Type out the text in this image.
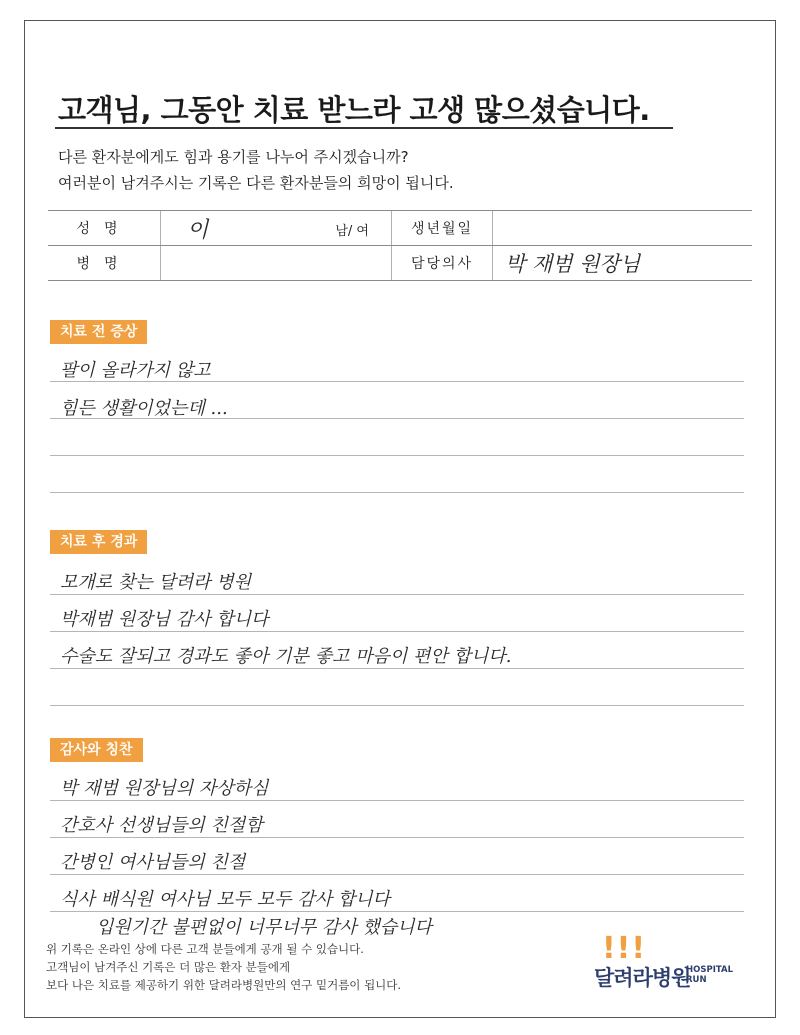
고객님, 그동안 치료 받느라 고생 많으셨습니다.
다른 환자분에게도 힘과 용기를 나누어 주시겠습니까?
여러분이 남겨주시는 기록은 다른 환자분들의 희망이 됩니다.
성명	이 남/ 여	생년월일	
병명		담당의사	박 재범 원장님
치료 전 증상
팔이 올라가지 않고
힘든 생활이었는데 ...
치료 후 경과
모개로 찾는 달려라 병원
박재범 원장님 감사 합니다
수술도 잘되고 경과도 좋아 기분 좋고 마음이 편안 합니다.
감사와 칭찬
박 재범 원장님의 자상하심
간호사 선생님들의 친절함
간병인 여사님들의 친절
식사 배식원 여사님 모두 모두 감사 합니다
입원기간 불편없이 너무너무 감사 했습니다
위 기록은 온라인 상에 다른 고객 분들에게 공개 될 수 있습니다.
고객님이 남겨주신 기록은 더 많은 환자 분들에게
보다 나은 치료를 제공하기 위한 달려라병원만의 연구 밑거름이 됩니다.
!!!
달려라병원
HOSPITAL
RUN
